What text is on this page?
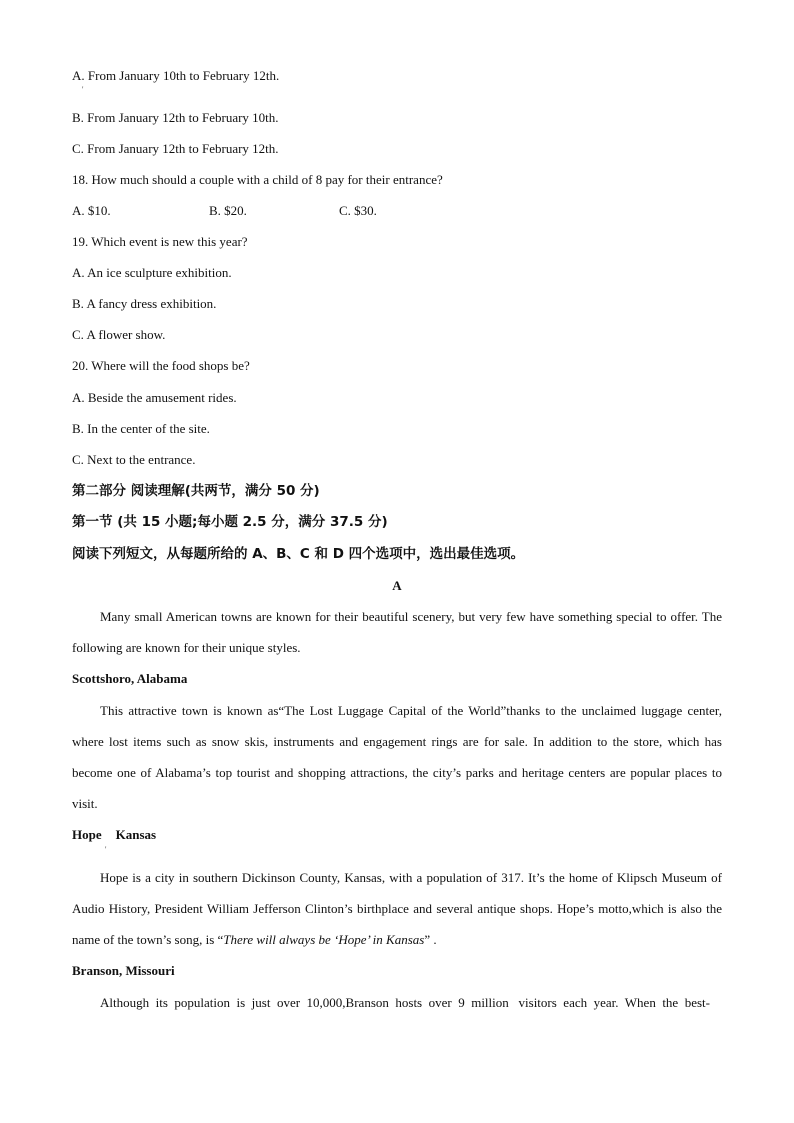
A. From January 10th to February 12th.
'
B. From January 12th to February 10th.
C. From January 12th to February 12th.
18. How much should a couple with a child of 8 pay for their entrance?
A. $10.	B. $20.	C. $30.
19. Which event is new this year?
A. An ice sculpture exhibition.
B. A fancy dress exhibition.
C. A flower show.
20. Where will the food shops be?
A. Beside the amusement rides.
B. In the center of the site.
C. Next to the entrance.
第二部分 阅读理解(共两节，满分 50 分)
第一节 (共 15 小题;每小题 2.5 分，满分 37.5 分)
阅读下列短文，从每题所给的 A、B、C 和 D 四个选项中，选出最佳选项。
A
Many small American towns are known for their beautiful scenery, but very few have something special to offer. The following are known for their unique styles.
Scottshoro, Alabama
This attractive town is known as“The Lost Luggage Capital of the World”thanks to the unclaimed luggage center, where lost items such as snow skis, instruments and engagement rings are for sale. In addition to the store, which has become one of Alabama’s top tourist and shopping attractions, the city’s parks and heritage centers are popular places to visit.
Hope Kansas
'
Hope is a city in southern Dickinson County, Kansas, with a population of 317. It’s the home of Klipsch Museum of Audio History, President William Jefferson Clinton’s birthplace and several antique shops. Hope’s motto,which is also the name of the town’s song, is “There will always be ‘Hope’ in Kansas” .
Branson, Missouri
Although  its  population  is  just  over  10,000,Branson  hosts  over  9  million   visitors  each  year.  When  the  best-
